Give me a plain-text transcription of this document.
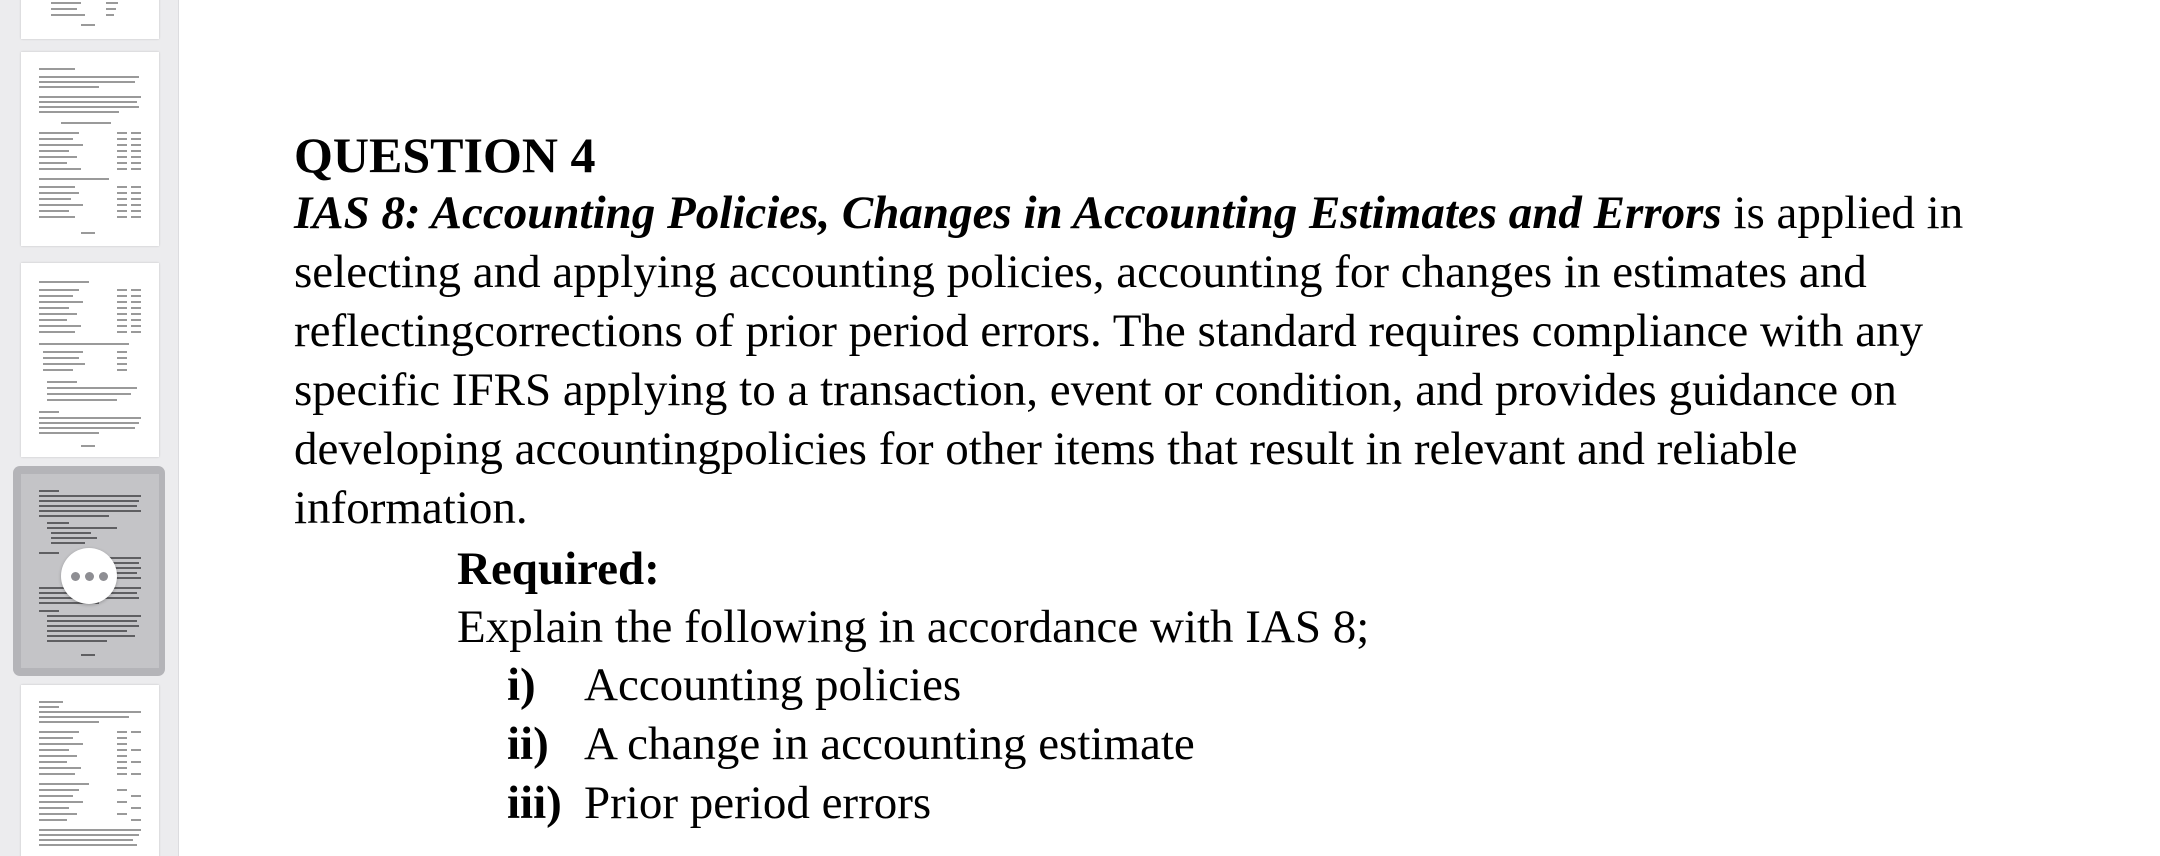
QUESTION 4
IAS 8: Accounting Policies, Changes in Accounting Estimates and Errors is applied in
selecting and applying accounting policies, accounting for changes in estimates and
reflectingcorrections of prior period errors. The standard requires compliance with any
specific IFRS applying to a transaction, event or condition, and provides guidance on
developing accountingpolicies for other items that result in relevant and reliable
information.

Required:

Explain the following in accordance with IAS 8;

i)	Accounting policies
ii) A change in accounting estimate
iii) Prior period errors
